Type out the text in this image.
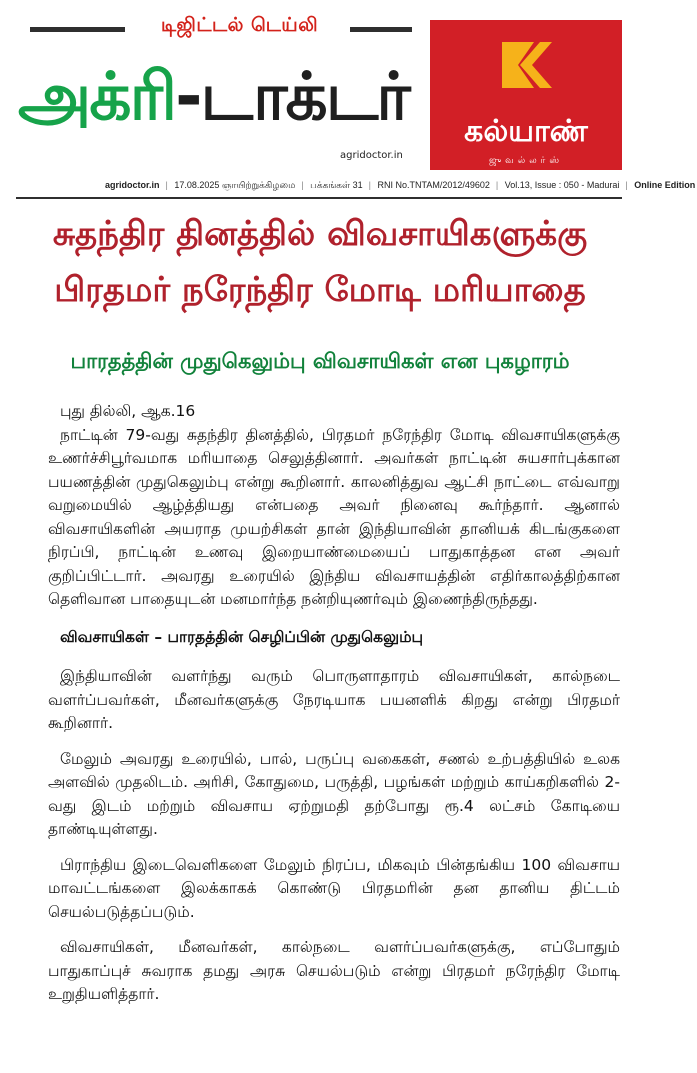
டிஜிட்டல் டெய்லி
அக்ரி-டாக்டர்
agridoctor.in
கல்யாண்
ஜுவல்லர்ஸ்
agridoctor.in | 17.08.2025 ஞாயிற்றுக்கிழமை | பக்கங்கள் 31 | RNI No.TNTAM/2012/49602 | Vol.13, Issue : 050 - Madurai | Online Edition
சுதந்திர தினத்தில் விவசாயிகளுக்கு
பிரதமர் நரேந்திர மோடி மரியாதை
பாரதத்தின் முதுகெலும்பு விவசாயிகள் என புகழாரம்

புது தில்லி, ஆக.16

நாட்டின் 79-வது சுதந்திர தினத்தில், பிரதமர் நரேந்திர மோடி விவசாயிகளுக்கு உணர்ச்சிபூர்வமாக மரியாதை செலுத்தினார். அவர்கள் நாட்டின் சுயசார்புக்கான பயணத்தின் முதுகெலும்பு என்று கூறினார். காலனித்துவ ஆட்சி நாட்டை எவ்வாறு வறுமையில் ஆழ்த்தியது என்பதை அவர் நினைவு கூர்ந்தார். ஆனால் விவசாயிகளின் அயராத முயற்சிகள் தான் இந்தியாவின் தானியக் கிடங்குகளை நிரப்பி, நாட்டின் உணவு இறையாண்மையைப் பாதுகாத்தன என அவர் குறிப்பிட்டார். அவரது உரையில் இந்திய விவசாயத்தின் எதிர்காலத்திற்கான தெளிவான பாதையுடன் மனமார்ந்த நன்றியுணர்வும் இணைந்திருந்தது.

விவசாயிகள் – பாரதத்தின் செழிப்பின் முதுகெலும்பு

இந்தியாவின் வளர்ந்து வரும் பொருளாதாரம் விவசாயிகள், கால்நடை வளர்ப்பவர்கள், மீனவர்களுக்கு நேரடியாக பயனளிக் கிறது என்று பிரதமர் கூறினார்.

மேலும் அவரது உரையில், பால், பருப்பு வகைகள், சணல் உற்பத்தியில் உலக அளவில் முதலிடம். அரிசி, கோதுமை, பருத்தி, பழங்கள் மற்றும் காய்கறிகளில் 2-வது இடம் மற்றும் விவசாய ஏற்றுமதி தற்போது ரூ.4 லட்சம் கோடியை தாண்டியுள்ளது.

பிராந்திய இடைவெளிகளை மேலும் நிரப்ப, மிகவும் பின்தங்கிய 100 விவசாய மாவட்டங்களை இலக்காகக் கொண்டு பிரதமரின் தன தானிய திட்டம் செயல்படுத்தப்படும்.

விவசாயிகள், மீனவர்கள், கால்நடை வளர்ப்பவர்களுக்கு, எப்போதும் பாதுகாப்புச் சுவராக தமது அரசு செயல்படும் என்று பிரதமர் நரேந்திர மோடி உறுதியளித்தார்.
